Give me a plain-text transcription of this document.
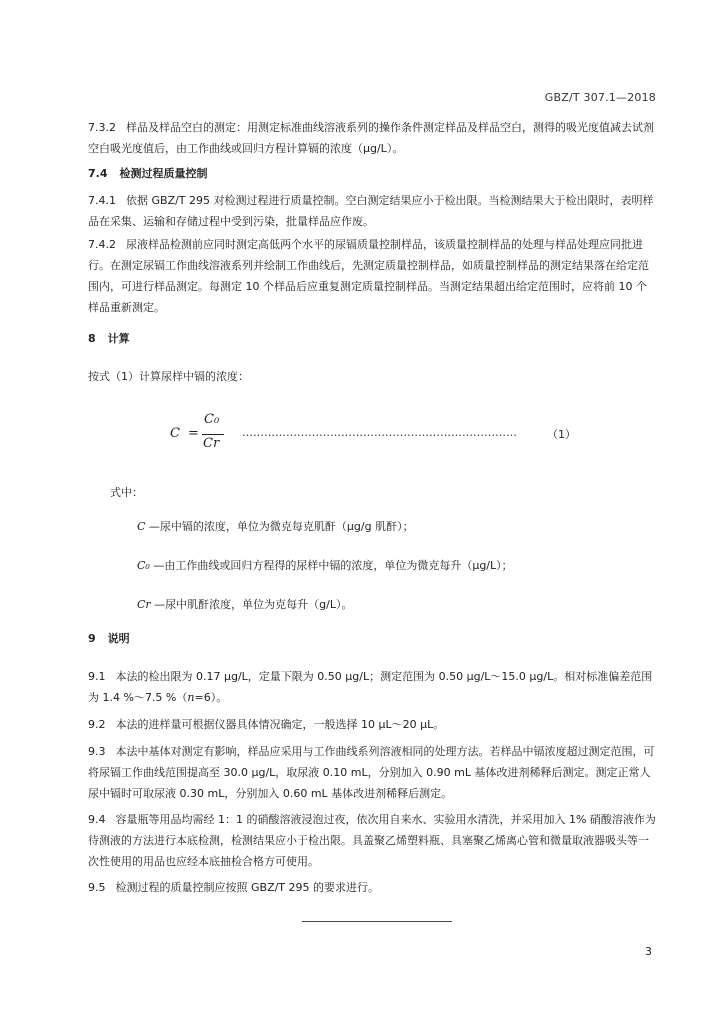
GBZ/T 307.1—2018

7.3.2 样品及样品空白的测定：用测定标准曲线溶液系列的操作条件测定样品及样品空白，测得的吸光度值减去试剂空白吸光度值后，由工作曲线或回归方程计算镉的浓度（μg/L）。

7.4 检测过程质量控制

7.4.1 依据 GBZ/T 295 对检测过程进行质量控制。空白测定结果应小于检出限。当检测结果大于检出限时，表明样品在采集、运输和存储过程中受到污染，批量样品应作废。

7.4.2 尿液样品检测前应同时测定高低两个水平的尿镉质量控制样品，该质量控制样品的处理与样品处理应同批进行。在测定尿镉工作曲线溶液系列并绘制工作曲线后，先测定质量控制样品，如质量控制样品的测定结果落在给定范围内，可进行样品测定。每测定 10 个样品后应重复测定质量控制样品。当测定结果超出给定范围时，应将前 10 个样品重新测定。

8 计算

按式（1）计算尿样中镉的浓度：

C =
C₀
Cr
…………………………………………………………………	（1）

式中：

C —尿中镉的浓度，单位为微克每克肌酐（μg/g 肌酐）；

C₀ —由工作曲线或回归方程得的尿样中镉的浓度，单位为微克每升（μg/L）；

Cr —尿中肌酐浓度，单位为克每升（g/L）。

9 说明

9.1 本法的检出限为 0.17 μg/L，定量下限为 0.50 μg/L；测定范围为 0.50 μg/L～15.0 μg/L。相对标准偏差范围为 1.4 %～7.5 %（n=6）。

9.2 本法的进样量可根据仪器具体情况确定，一般选择 10 μL～20 μL。

9.3 本法中基体对测定有影响，样品应采用与工作曲线系列溶液相同的处理方法。若样品中镉浓度超过测定范围，可将尿镉工作曲线范围提高至 30.0 μg/L，取尿液 0.10 mL，分别加入 0.90 mL 基体改进剂稀释后测定。测定正常人尿中镉时可取尿液 0.30 mL，分别加入 0.60 mL 基体改进剂稀释后测定。

9.4 容量瓶等用品均需经 1：1 的硝酸溶液浸泡过夜，依次用自来水、实验用水清洗，并采用加入 1% 硝酸溶液作为待测液的方法进行本底检测，检测结果应小于检出限。具盖聚乙烯塑料瓶、具塞聚乙烯离心管和微量取液器吸头等一次性使用的用品也应经本底抽检合格方可使用。

9.5 检测过程的质量控制应按照 GBZ/T 295 的要求进行。

3
